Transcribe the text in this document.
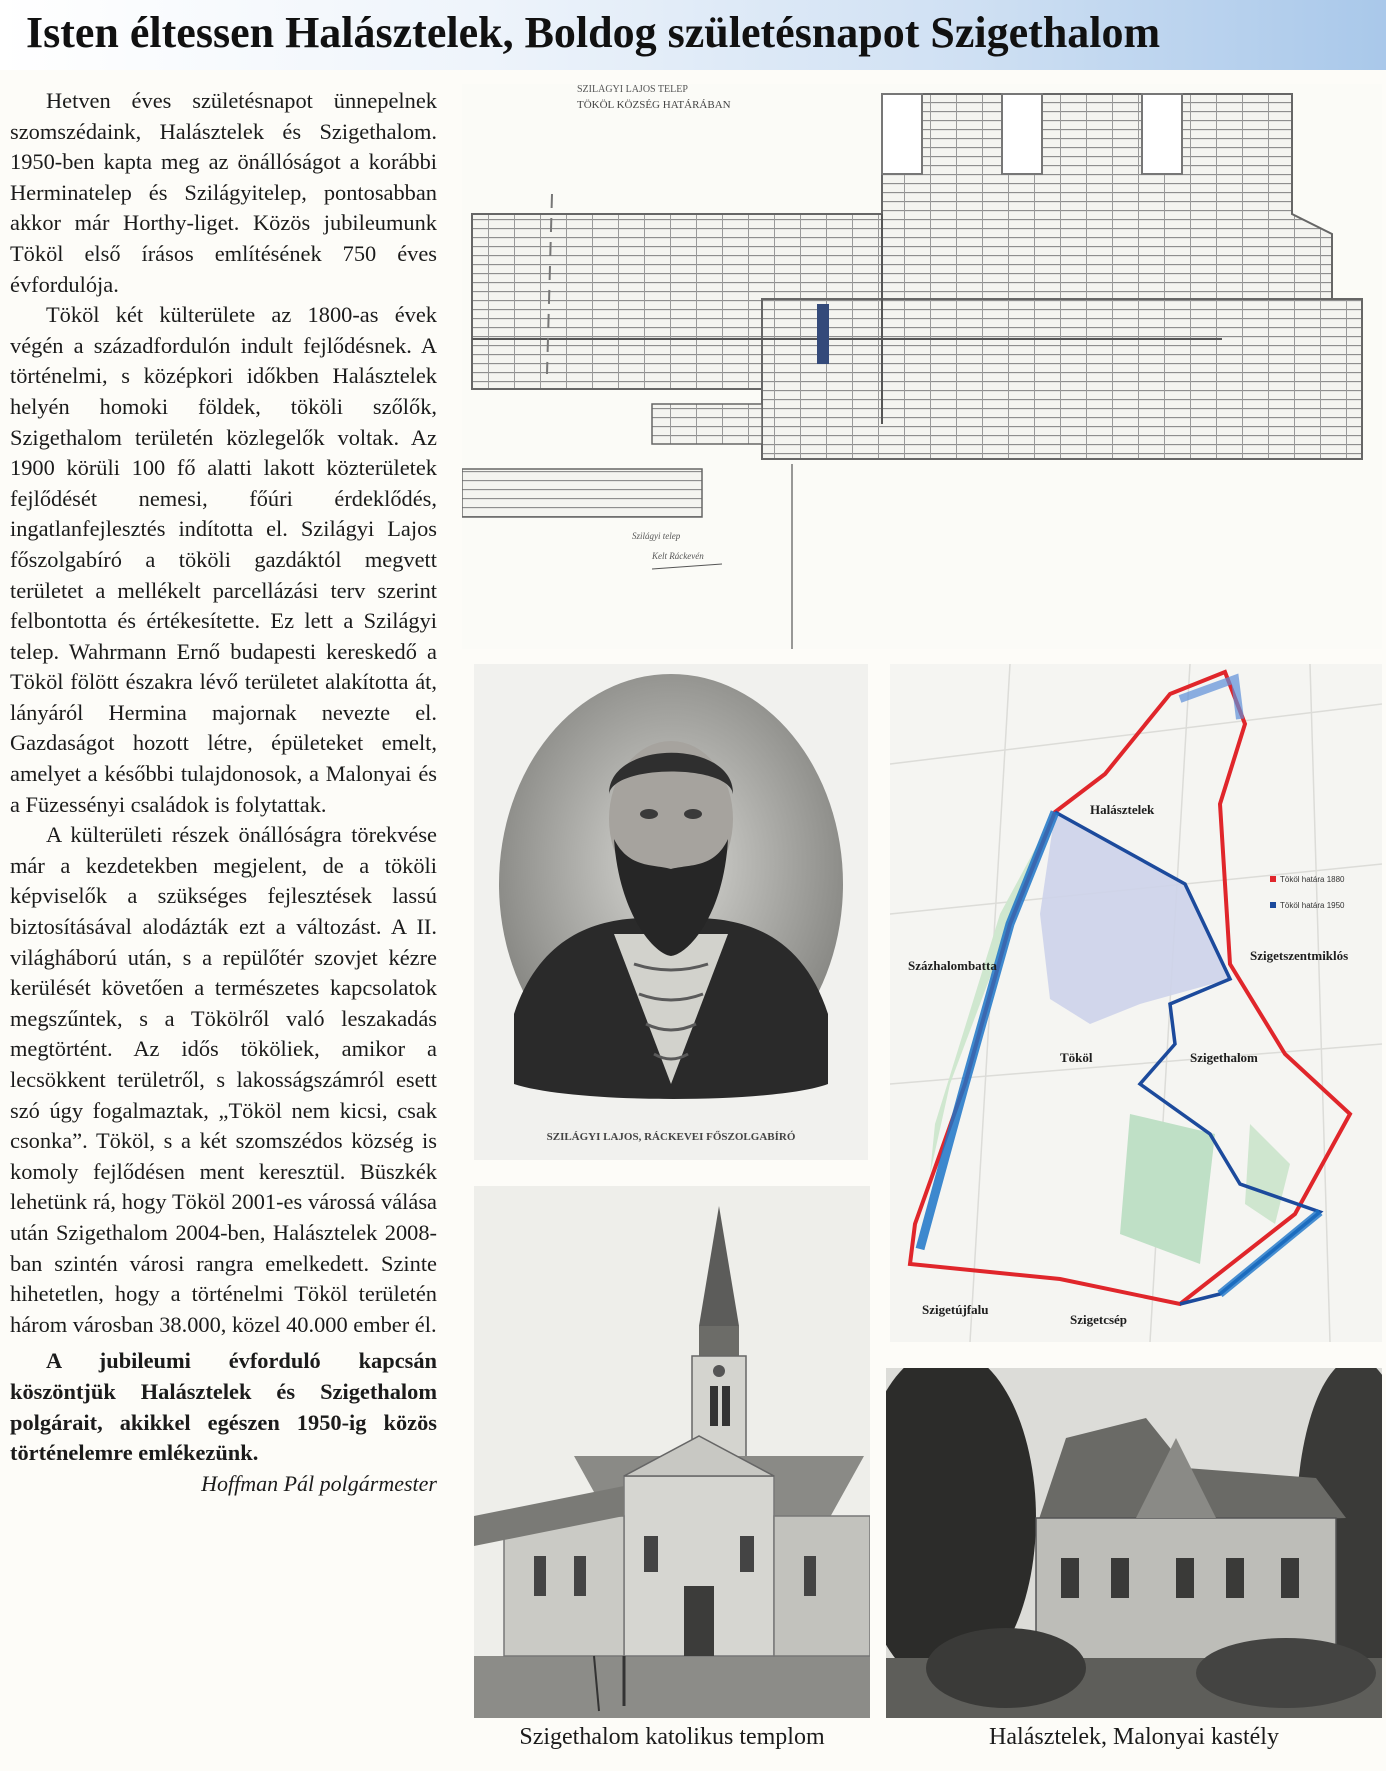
Isten éltessen Halásztelek, Boldog születésnapot Szigethalom

Hetven éves születésnapot ünnepelnek szomszédaink, Halásztelek és Szigethalom. 1950-ben kapta meg az önállóságot a korábbi Herminatelep és Szilágyitelep, pontosabban akkor már Horthy-liget. Közös jubileumunk Tököl első írásos említésének 750 éves évfordulója.

Tököl két külterülete az 1800-as évek végén a századfordulón indult fejlődésnek. A történelmi, s középkori időkben Halásztelek helyén homoki földek, tököli szőlők, Szigethalom területén közlegelők voltak. Az 1900 körüli 100 fő alatti lakott közterületek fejlődését nemesi, főúri érdeklődés, ingatlanfejlesztés indította el. Szilágyi Lajos főszolgabíró a tököli gazdáktól megvett területet a mellékelt parcellázási terv szerint felbontotta és értékesítette. Ez lett a Szilágyi telep. Wahrmann Ernő budapesti kereskedő a Tököl fölött északra lévő területet alakította át, lányáról Hermina majornak nevezte el. Gazdaságot hozott létre, épületeket emelt, amelyet a későbbi tulajdonosok, a Malonyai és a Füzessényi családok is folytattak.

A külterületi részek önállóságra törekvése már a kezdetekben megjelent, de a tököli képviselők a szükséges fejlesztések lassú biztosításával alodázták ezt a változást. A II. világháború után, s a repülőtér szovjet kézre kerülését követően a természetes kapcsolatok megszűntek, s a Tökölről való leszakadás megtörtént. Az idős tököliek, amikor a lecsökkent területről, s lakosságszámról esett szó úgy fogalmaztak, „Tököl nem kicsi, csak csonka”. Tököl, s a két szomszédos község is komoly fejlődésen ment keresztül. Büszkék lehetünk rá, hogy Tököl 2001-es várossá válása után Szigethalom 2004-ben, Halásztelek 2008-ban szintén városi rangra emelkedett. Szinte hihetetlen, hogy a történelmi Tököl területén három városban 38.000, közel 40.000 ember él.

A jubileumi évforduló kapcsán köszöntjük Halásztelek és Szigethalom polgárait, akikkel egészen 1950-ig közös történelemre emlékezünk.

Hoffman Pál polgármester

SZILÁGYI LAJOS TELEP
TÖKÖL KÖZSÉG HATÁRÁBAN
Szilágyi telep
Kelt Ráckevén
SZILÁGYI LAJOS, RÁCKEVEI FŐSZOLGABÍRÓ
Halásztelek
Százhalombatta
Szigetszentmiklós
Tököl	Szigethalom
Szigetújfalu
Szigetcsép
Tököl határa 1880
Tököl határa 1950
Szigethalom katolikus templom	Halásztelek, Malonyai kastély
